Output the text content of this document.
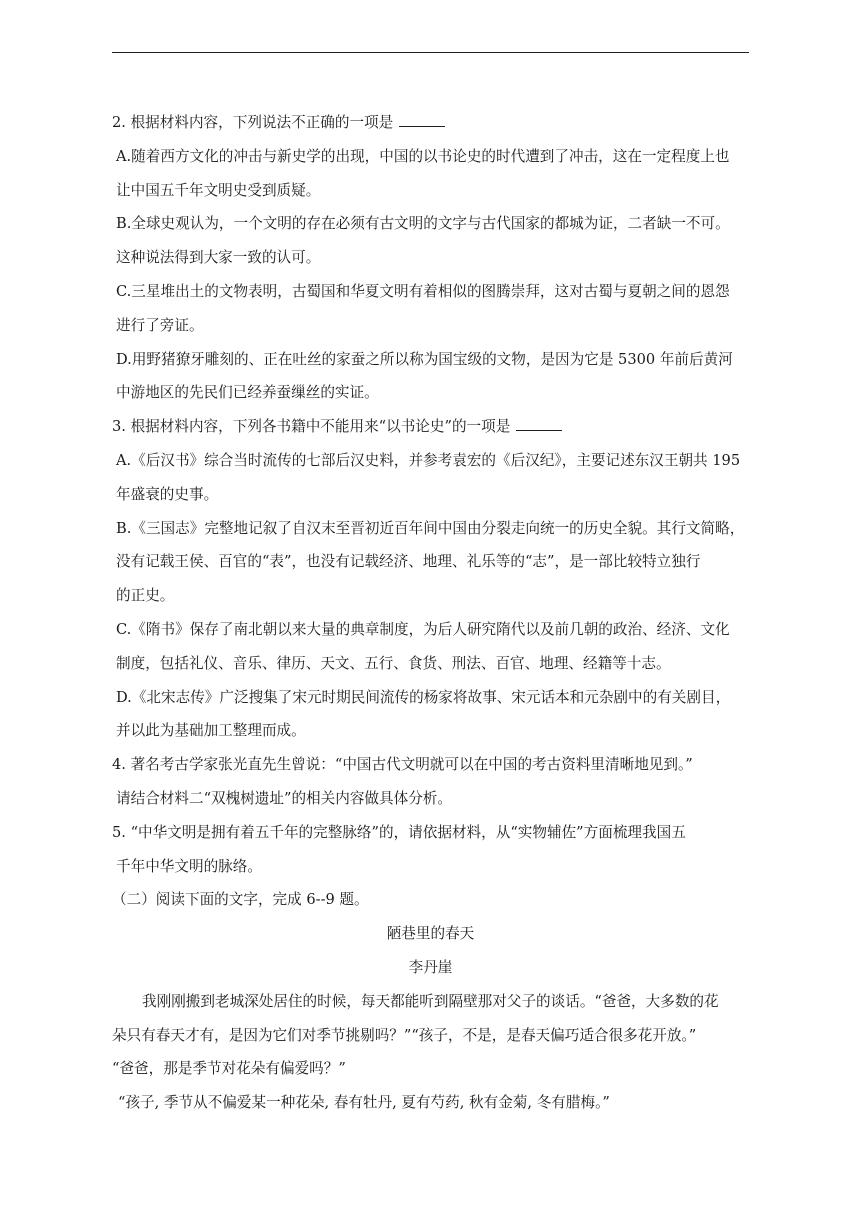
2. 根据材料内容，下列说法不正确的一项是
A.随着西方文化的冲击与新史学的出现，中国的以书论史的时代遭到了冲击，这在一定程度上也
让中国五千年文明史受到质疑。
B.全球史观认为，一个文明的存在必须有古文明的文字与古代国家的都城为证，二者缺一不可。
这种说法得到大家一致的认可。
C.三星堆出土的文物表明，古蜀国和华夏文明有着相似的图腾崇拜，这对古蜀与夏朝之间的恩怨
进行了旁证。
D.用野猪獠牙雕刻的、正在吐丝的家蚕之所以称为国宝级的文物，是因为它是 5300 年前后黄河
中游地区的先民们已经养蚕缫丝的实证。
3. 根据材料内容，下列各书籍中不能用来“以书论史”的一项是
A.《后汉书》综合当时流传的七部后汉史料，并参考袁宏的《后汉纪》，主要记述东汉王朝共 195
年盛衰的史事。
B.《三国志》完整地记叙了自汉末至晋初近百年间中国由分裂走向统一的历史全貌。其行文简略，
没有记载王侯、百官的“表”，也没有记载经济、地理、礼乐等的“志”，是一部比较特立独行
的正史。
C.《隋书》保存了南北朝以来大量的典章制度，为后人研究隋代以及前几朝的政治、经济、文化
制度，包括礼仪、音乐、律历、天文、五行、食货、刑法、百官、地理、经籍等十志。
D.《北宋志传》广泛搜集了宋元时期民间流传的杨家将故事、宋元话本和元杂剧中的有关剧目，
并以此为基础加工整理而成。
4. 著名考古学家张光直先生曾说：“中国古代文明就可以在中国的考古资料里清晰地见到。”
请结合材料二“双槐树遗址”的相关内容做具体分析。
5. “中华文明是拥有着五千年的完整脉络”的，请依据材料，从“实物辅佐”方面梳理我国五
千年中华文明的脉络。
（二）阅读下面的文字，完成 6--9 题。
陋巷里的春天
李丹崖
我刚刚搬到老城深处居住的时候，每天都能听到隔壁那对父子的谈话。“爸爸，大多数的花
朵只有春天才有，是因为它们对季节挑剔吗？”“孩子，不是，是春天偏巧适合很多花开放。”
“爸爸，那是季节对花朵有偏爱吗？”
“孩子, 季节从不偏爱某一种花朵, 春有牡丹, 夏有芍药, 秋有金菊, 冬有腊梅。”
